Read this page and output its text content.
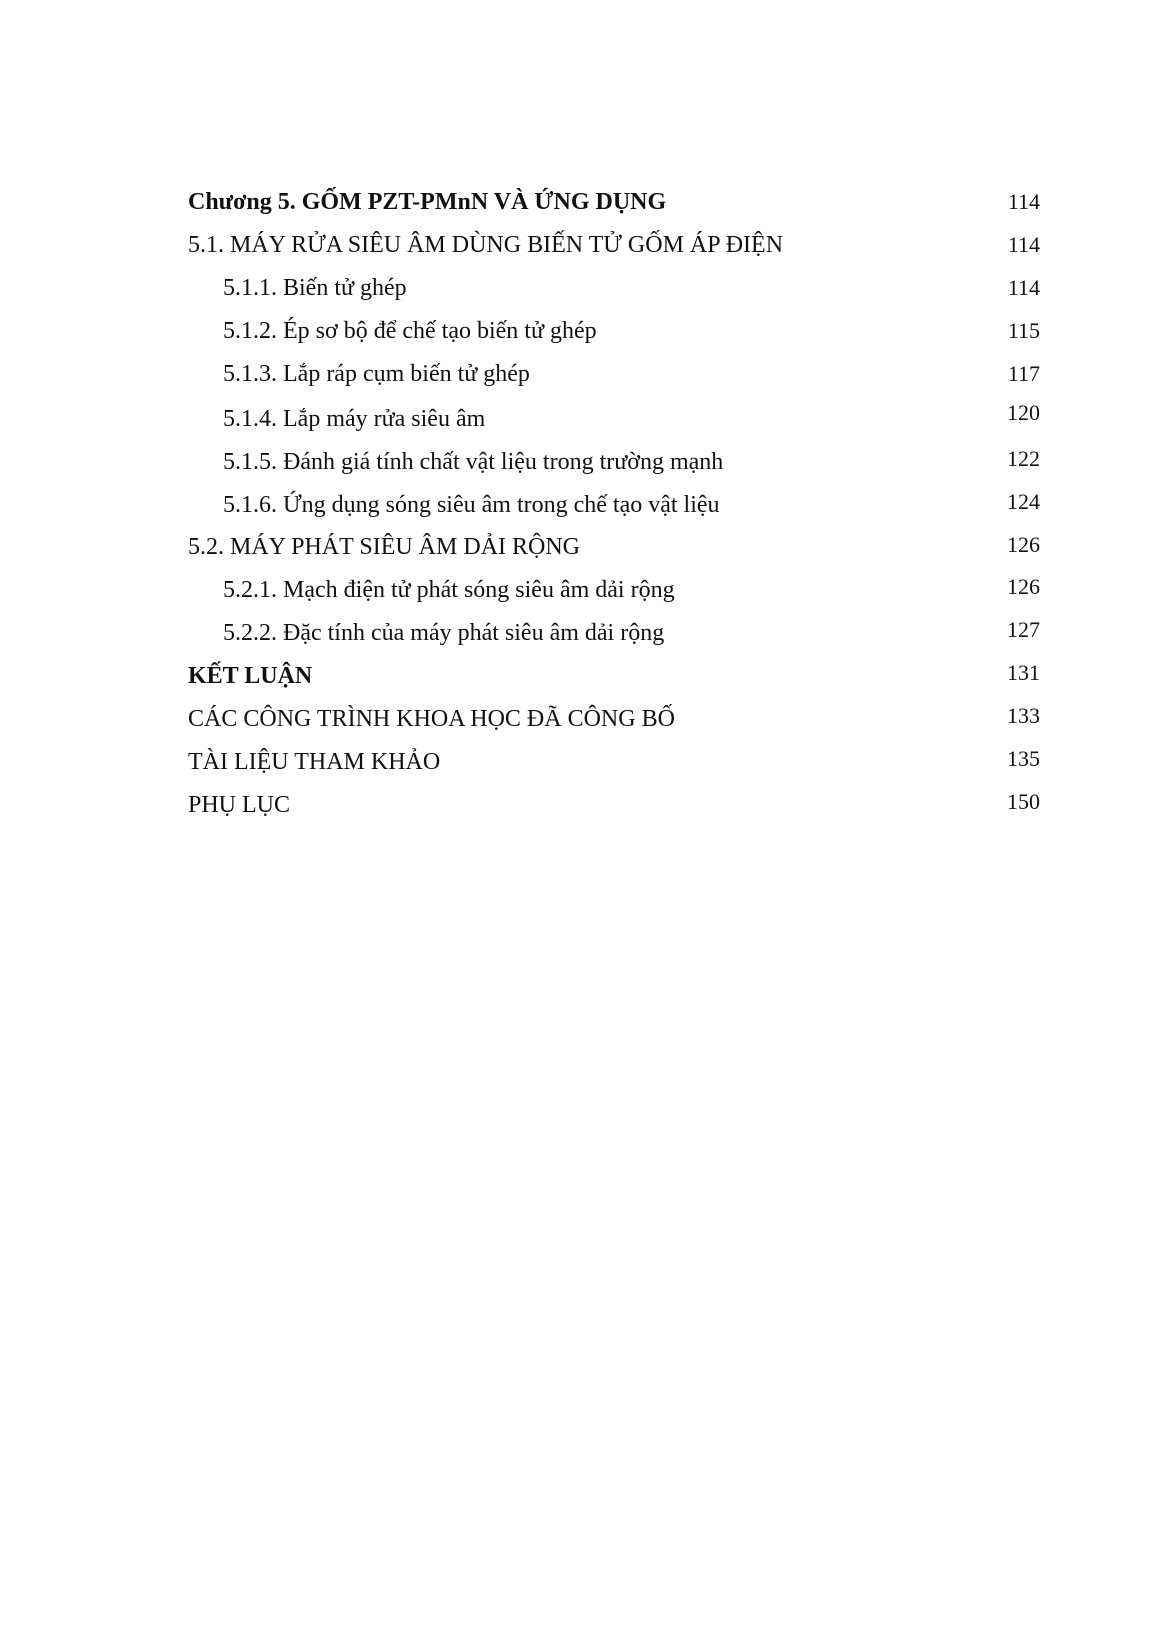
Chương 5. GỐM PZT-PMnN VÀ ỨNG DỤNG	114
5.1. MÁY RỬA SIÊU ÂM DÙNG BIẾN TỬ GỐM ÁP ĐIỆN	114
5.1.1. Biến tử ghép	114
5.1.2. Ép sơ bộ để chế tạo biến tử ghép	115
5.1.3. Lắp ráp cụm biến tử ghép	117
5.1.4. Lắp máy rửa siêu âm	120
5.1.5. Đánh giá tính chất vật liệu trong trường mạnh	122
5.1.6. Ứng dụng sóng siêu âm trong chế tạo vật liệu	124
5.2. MÁY PHÁT SIÊU ÂM DẢI RỘNG	126
5.2.1. Mạch điện tử phát sóng siêu âm dải rộng	126
5.2.2. Đặc tính của máy phát siêu âm dải rộng	127
KẾT LUẬN	131
CÁC CÔNG TRÌNH KHOA HỌC ĐÃ CÔNG BỐ	133
TÀI LIỆU THAM KHẢO	135
PHỤ LỤC	150
